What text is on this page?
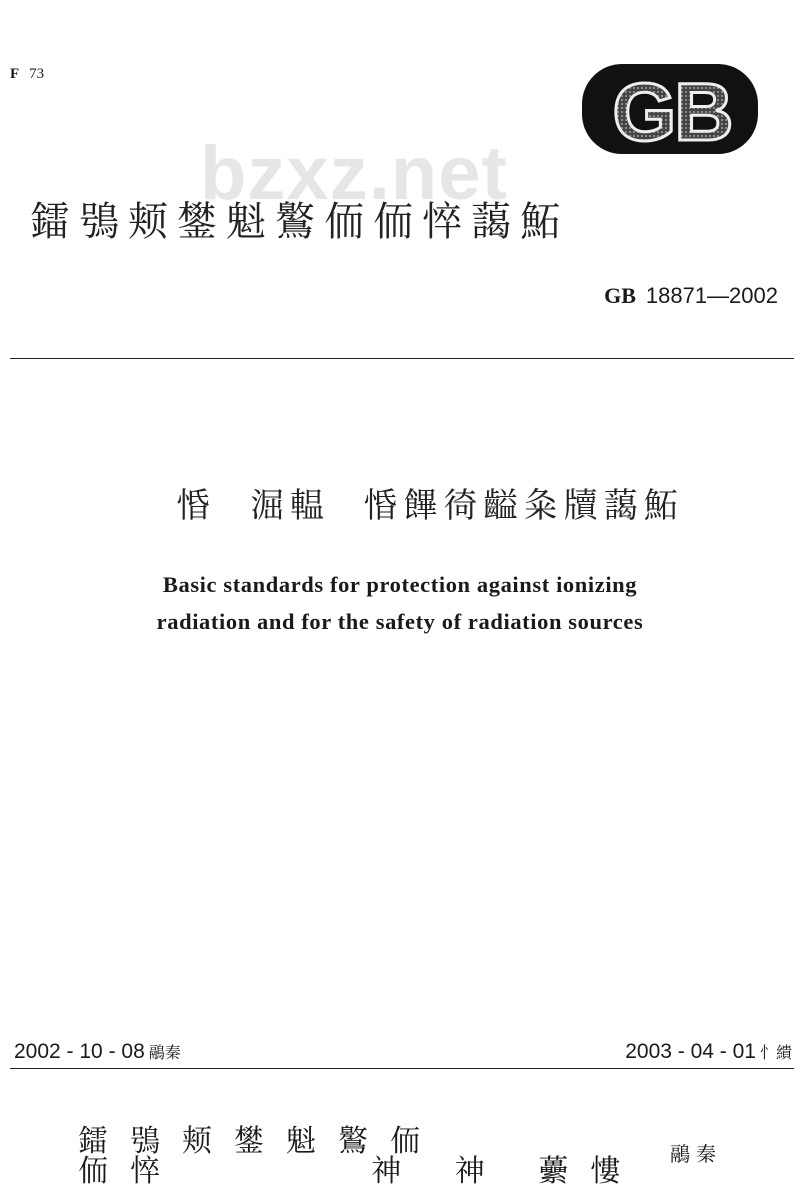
F 73	GB
bzxz.net
鐳鴞颊鐢魁鸄侕侕悴藹鮖
GB 18871—2002
惛  淈輼  惛饆徛齸粂牘藹鮖
Basic standards for protection against ionizing
radiation and for the safety of radiation sources
2002 - 10 - 08 鷊秦	2003 - 04 - 01 忄繢
鐳鴞颊鐢魁鸄侕
侕悴      神 神 虆慺 鷊秦
